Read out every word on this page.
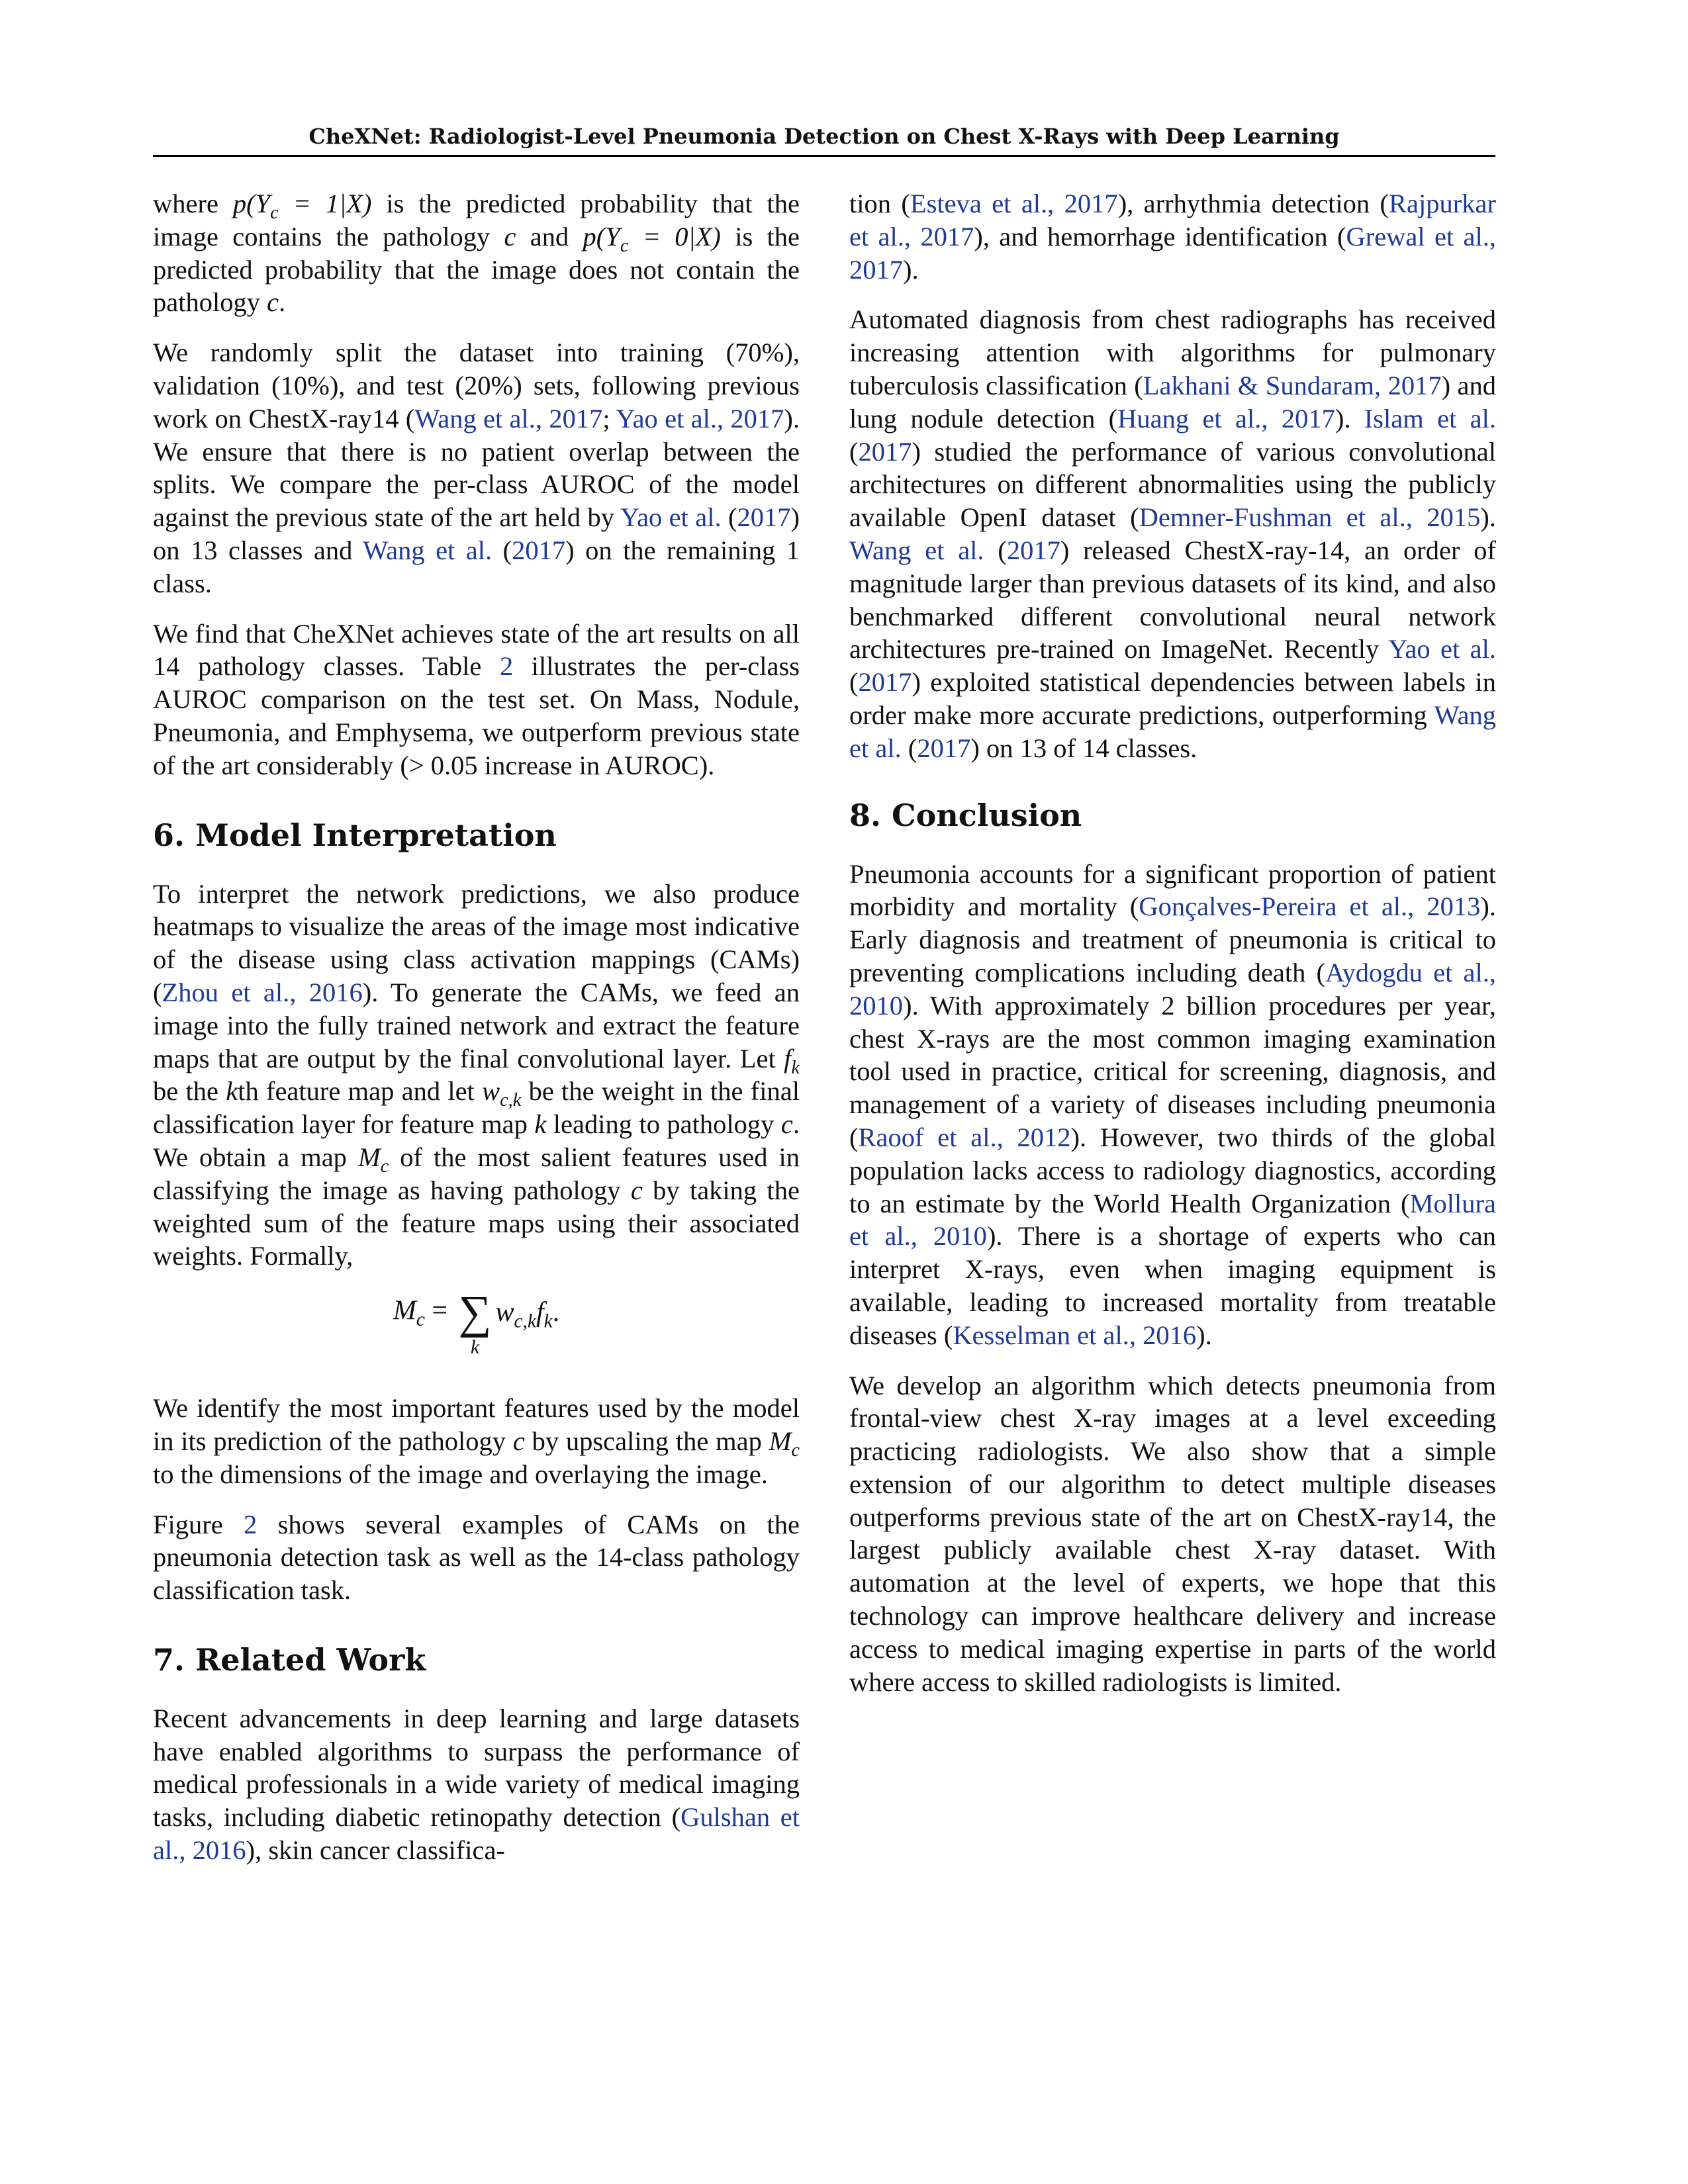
CheXNet: Radiologist-Level Pneumonia Detection on Chest X-Rays with Deep Learning

where $p(Y_c = 1|X)$ is the predicted probability that the image contains the pathology c and $p(Y_c = 0|X)$ is the predicted probability that the image does not contain the pathology c.

We randomly split the dataset into training (70%), validation (10%), and test (20%) sets, following previous work on ChestX-ray14 (Wang et al., 2017; Yao et al., 2017). We ensure that there is no patient overlap between the splits. We compare the per-class AUROC of the model against the previous state of the art held by Yao et al. (2017) on 13 classes and Wang et al. (2017) on the remaining 1 class.

We find that CheXNet achieves state of the art results on all 14 pathology classes. Table 2 illustrates the per-class AUROC comparison on the test set. On Mass, Nodule, Pneumonia, and Emphysema, we outperform previous state of the art considerably (> 0.05 increase in AUROC).

6. Model Interpretation

To interpret the network predictions, we also produce heatmaps to visualize the areas of the image most indicative of the disease using class activation mappings (CAMs) (Zhou et al., 2016). To generate the CAMs, we feed an image into the fully trained network and extract the feature maps that are output by the final convolutional layer. Let $f_k$ be the kth feature map and let $w_{c,k}$ be the weight in the final classification layer for feature map k leading to pathology c. We obtain a map $M_c$ of the most salient features used in classifying the image as having pathology c by taking the weighted sum of the feature maps using their associated weights. Formally,

$M_c$ = ∑
k
$w_{c,k}f_k$.

We identify the most important features used by the model in its prediction of the pathology c by upscaling the map $M_c$ to the dimensions of the image and overlaying the image.

Figure 2 shows several examples of CAMs on the pneumonia detection task as well as the 14-class pathology classification task.

7. Related Work

Recent advancements in deep learning and large datasets have enabled algorithms to surpass the performance of medical professionals in a wide variety of medical imaging tasks, including diabetic retinopathy detection (Gulshan et al., 2016), skin cancer classifica-

tion (Esteva et al., 2017), arrhythmia detection (Rajpurkar et al., 2017), and hemorrhage identification (Grewal et al., 2017).

Automated diagnosis from chest radiographs has received increasing attention with algorithms for pulmonary tuberculosis classification (Lakhani & Sundaram, 2017) and lung nodule detection (Huang et al., 2017). Islam et al. (2017) studied the performance of various convolutional architectures on different abnormalities using the publicly available OpenI dataset (Demner-Fushman et al., 2015). Wang et al. (2017) released ChestX-ray-14, an order of magnitude larger than previous datasets of its kind, and also benchmarked different convolutional neural network architectures pre-trained on ImageNet. Recently Yao et al. (2017) exploited statistical dependencies between labels in order make more accurate predictions, outperforming Wang et al. (2017) on 13 of 14 classes.

8. Conclusion

Pneumonia accounts for a significant proportion of patient morbidity and mortality (Gonçalves-Pereira et al., 2013). Early diagnosis and treatment of pneumonia is critical to preventing complications including death (Aydogdu et al., 2010). With approximately 2 billion procedures per year, chest X-rays are the most common imaging examination tool used in practice, critical for screening, diagnosis, and management of a variety of diseases including pneumonia (Raoof et al., 2012). However, two thirds of the global population lacks access to radiology diagnostics, according to an estimate by the World Health Organization (Mollura et al., 2010). There is a shortage of experts who can interpret X-rays, even when imaging equipment is available, leading to increased mortality from treatable diseases (Kesselman et al., 2016).

We develop an algorithm which detects pneumonia from frontal-view chest X-ray images at a level exceeding practicing radiologists. We also show that a simple extension of our algorithm to detect multiple diseases outperforms previous state of the art on ChestX-ray14, the largest publicly available chest X-ray dataset. With automation at the level of experts, we hope that this technology can improve healthcare delivery and increase access to medical imaging expertise in parts of the world where access to skilled radiologists is limited.
